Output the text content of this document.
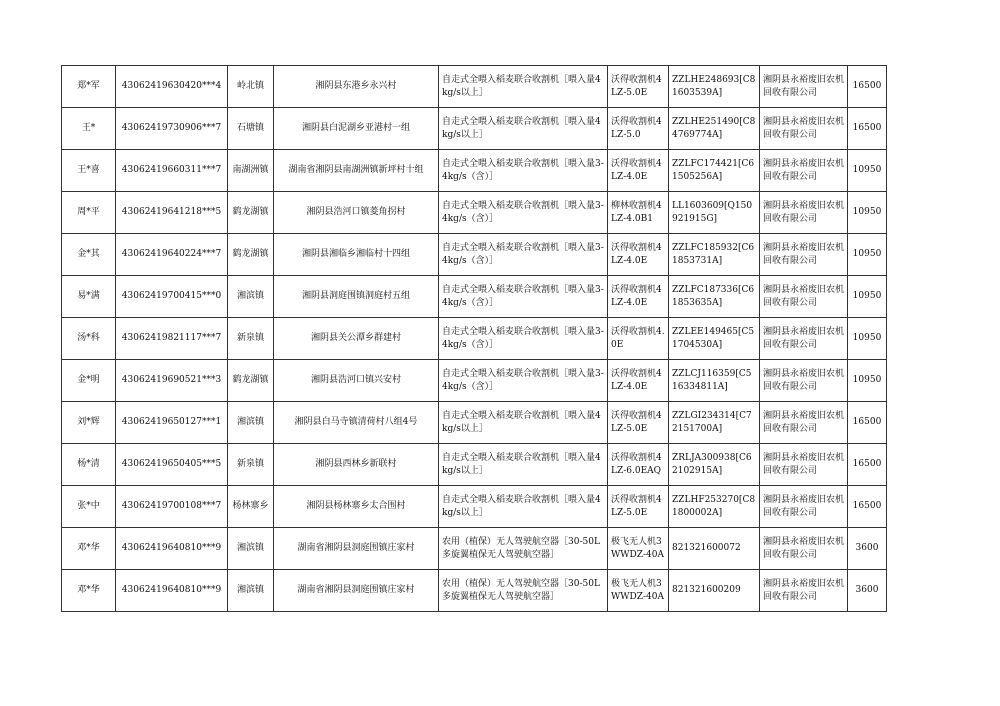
郑*军	43062419630420***4	岭北镇	湘阴县东港乡永兴村	自走式全喂入稻麦联合收割机［喂入量4kg/s以上］	沃得收割机4LZ-5.0E	ZZLHE248693[C81603539A]	湘阴县永裕废旧农机回收有限公司	16500
王*	43062419730906***7	石塘镇	湘阴县白泥湖乡亚港村一组	自走式全喂入稻麦联合收割机［喂入量4kg/s以上］	沃得收割机4LZ-5.0	ZZLHE251490[C84769774A]	湘阴县永裕废旧农机回收有限公司	16500
王*喜	43062419660311***7	南湖洲镇	湖南省湘阴县南湖洲镇新坪村十组	自走式全喂入稻麦联合收割机［喂入量3-4kg/s（含）］	沃得收割机4LZ-4.0E	ZZLFC174421[C61505256A]	湘阴县永裕废旧农机回收有限公司	10950
周*平	43062419641218***5	鹤龙湖镇	湘阴县浩河口镇菱角拐村	自走式全喂入稻麦联合收割机［喂入量3-4kg/s（含）］	柳林收割机4LZ-4.0B1	LL1603609[Q150921915G]	湘阴县永裕废旧农机回收有限公司	10950
金*其	43062419640224***7	鹤龙湖镇	湘阴县湘临乡湘临村十四组	自走式全喂入稻麦联合收割机［喂入量3-4kg/s（含）］	沃得收割机4LZ-4.0E	ZZLFC185932[C61853731A]	湘阴县永裕废旧农机回收有限公司	10950
易*满	43062419700415***0	湘滨镇	湘阴县洞庭围镇洞庭村五组	自走式全喂入稻麦联合收割机［喂入量3-4kg/s（含）］	沃得收割机4LZ-4.0E	ZZLFC187336[C61853635A]	湘阴县永裕废旧农机回收有限公司	10950
汤*科	43062419821117***7	新泉镇	湘阴县关公潭乡群建村	自走式全喂入稻麦联合收割机［喂入量3-4kg/s（含）］	沃得收割机4.0E	ZZLEE149465[C51704530A]	湘阴县永裕废旧农机回收有限公司	10950
金*明	43062419690521***3	鹤龙湖镇	湘阴县浩河口镇兴安村	自走式全喂入稻麦联合收割机［喂入量3-4kg/s（含）］	沃得收割机4LZ-4.0E	ZZLCJ116359[C516334811A]	湘阴县永裕废旧农机回收有限公司	10950
刘*辉	43062419650127***1	湘滨镇	湘阴县白马寺镇清荷村八组4号	自走式全喂入稻麦联合收割机［喂入量4kg/s以上］	沃得收割机4LZ-5.0E	ZZLGI234314[C72151700A]	湘阴县永裕废旧农机回收有限公司	16500
杨*清	43062419650405***5	新泉镇	湘阴县西林乡新联村	自走式全喂入稻麦联合收割机［喂入量4kg/s以上］	沃得收割机4LZ-6.0EAQ	ZRLJA300938[C62102915A]	湘阴县永裕废旧农机回收有限公司	16500
张*中	43062419700108***7	杨林寨乡	湘阴县杨林寨乡太合围村	自走式全喂入稻麦联合收割机［喂入量4kg/s以上］	沃得收割机4LZ-5.0E	ZZLHF253270[C81800002A]	湘阴县永裕废旧农机回收有限公司	16500
邓*华	43062419640810***9	湘滨镇	湖南省湘阴县洞庭围镇庄家村	农用（植保）无人驾驶航空器［30-50L多旋翼植保无人驾驶航空器］	极飞无人机3WWDZ-40A	821321600072	湘阴县永裕废旧农机回收有限公司	3600
邓*华	43062419640810***9	湘滨镇	湖南省湘阴县洞庭围镇庄家村	农用（植保）无人驾驶航空器［30-50L多旋翼植保无人驾驶航空器］	极飞无人机3WWDZ-40A	821321600209	湘阴县永裕废旧农机回收有限公司	3600
